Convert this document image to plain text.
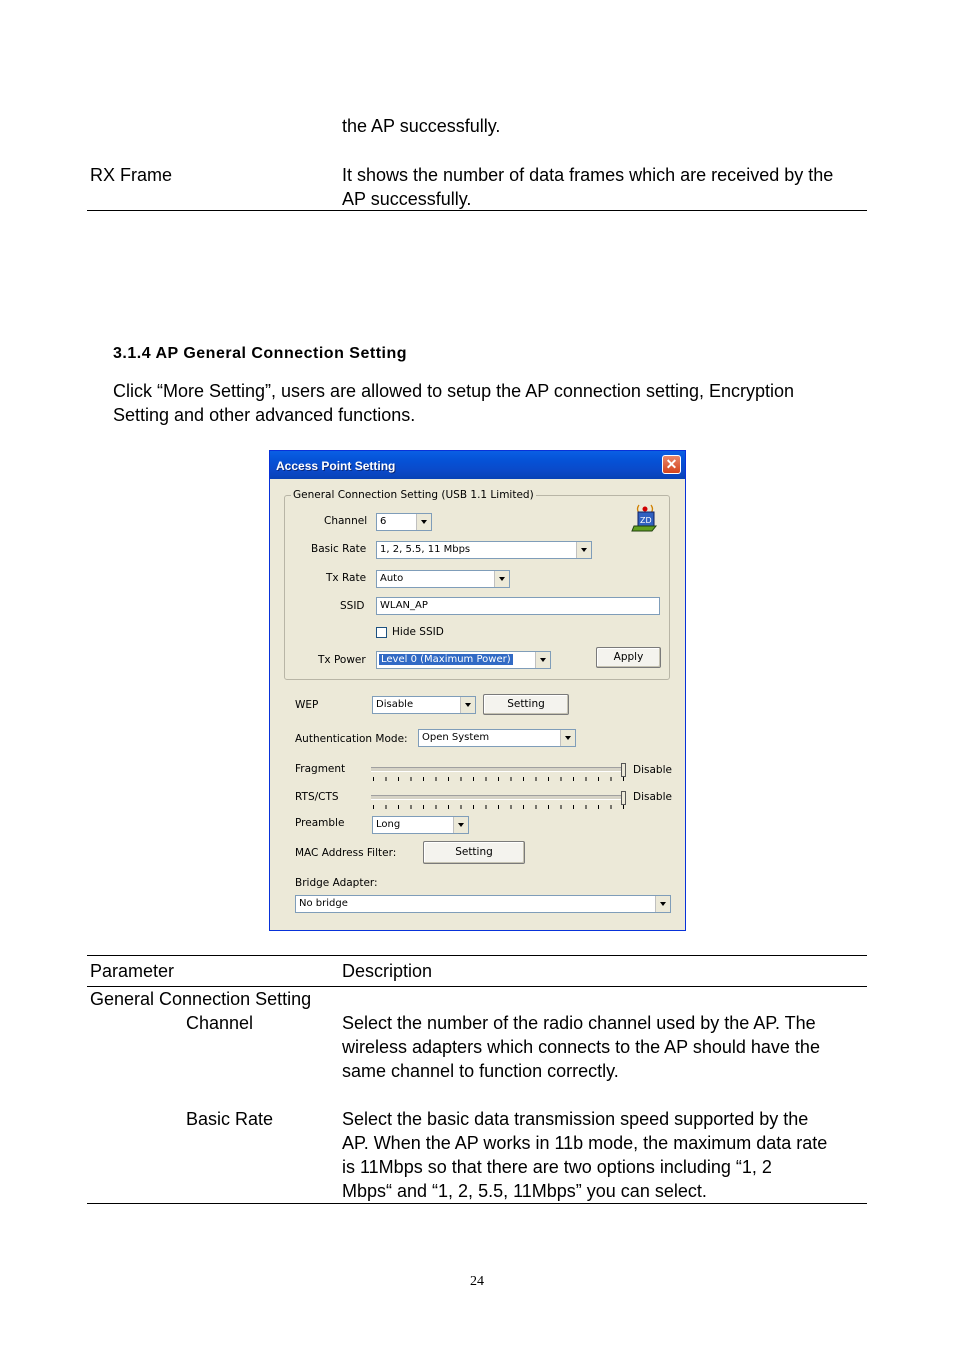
the AP successfully.
RX Frame	It shows the number of data frames which are received by the
AP successfully.
3.1.4 AP General Connection Setting
Click “More Setting”, users are allowed to setup the AP connection setting, Encryption
Setting and other advanced functions.
Access Point Setting	✕
General Connection Setting (USB 1.1 Limited)
ZD
Channel	6
Basic Rate	1, 2, 5.5, 11 Mbps
Tx Rate	Auto
SSID	WLAN_AP
Hide SSID
Tx Power	Level 0 (Maximum Power)	Apply
WEP	Disable	Setting
Authentication Mode:	Open System
Fragment	Disable
RTS/CTS	Disable
Preamble	Long
MAC Address Filter:	Setting
Bridge Adapter:
No bridge
Parameter	Description
General Connection Setting
Channel	Select the number of the radio channel used by the AP. The
wireless adapters which connects to the AP should have the
same channel to function correctly.
Basic Rate	Select the basic data transmission speed supported by the
AP. When the AP works in 11b mode, the maximum data rate
is 11Mbps so that there are two options including “1, 2
Mbps“ and “1, 2, 5.5, 11Mbps” you can select.
24
